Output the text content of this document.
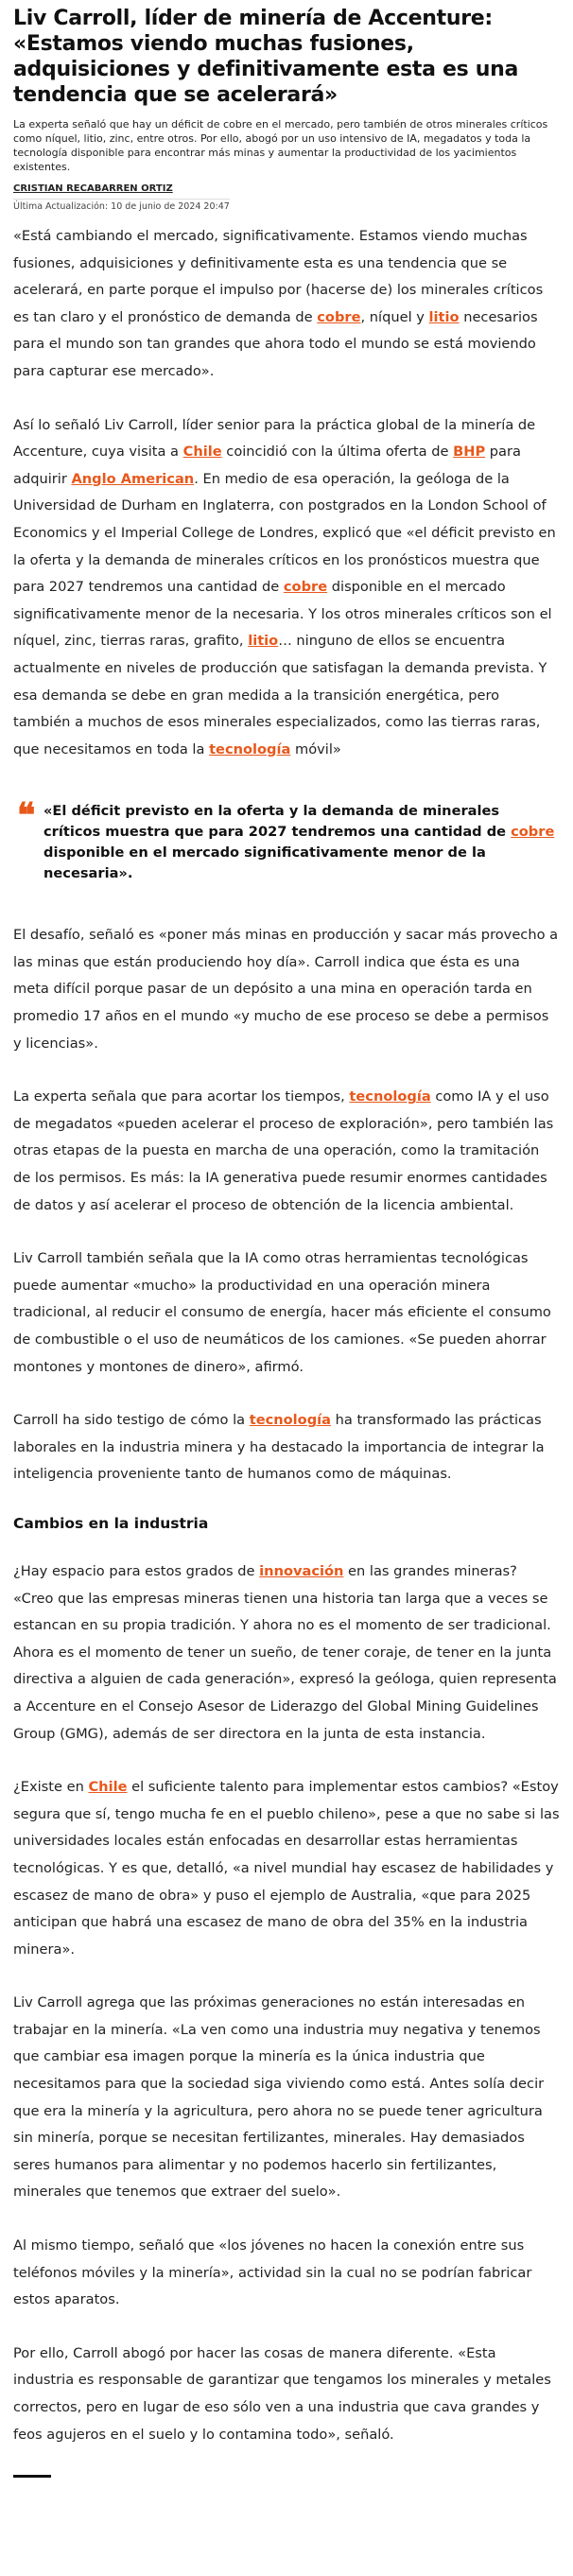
Liv Carroll, líder de minería de Accenture: «Estamos viendo muchas fusiones, adquisiciones y definitivamente esta es una tendencia que se acelerará»

La experta señaló que hay un déficit de cobre en el mercado, pero también de otros minerales críticos como níquel, litio, zinc, entre otros. Por ello, abogó por un uso intensivo de IA, megadatos y toda la tecnología disponible para encontrar más minas y aumentar la productividad de los yacimientos existentes.

CRISTIAN RECABARREN ORTIZ
Última Actualización: 10 de junio de 2024 20:47

«Está cambiando el mercado, significativamente. Estamos viendo muchas fusiones, adquisiciones y definitivamente esta es una tendencia que se acelerará, en parte porque el impulso por (hacerse de) los minerales críticos es tan claro y el pronóstico de demanda de cobre, níquel y litio necesarios para el mundo son tan grandes que ahora todo el mundo se está moviendo para capturar ese mercado».

Así lo señaló Liv Carroll, líder senior para la práctica global de la minería de Accenture, cuya visita a Chile coincidió con la última oferta de BHP para adquirir Anglo American. En medio de esa operación, la geóloga de la Universidad de Durham en Inglaterra, con postgrados en la London School of Economics y el Imperial College de Londres, explicó que «el déficit previsto en la oferta y la demanda de minerales críticos en los pronósticos muestra que para 2027 tendremos una cantidad de cobre disponible en el mercado significativamente menor de la necesaria. Y los otros minerales críticos son el níquel, zinc, tierras raras, grafito, litio… ninguno de ellos se encuentra actualmente en niveles de producción que satisfagan la demanda prevista. Y esa demanda se debe en gran medida a la transición energética, pero también a muchos de esos minerales especializados, como las tierras raras, que necesitamos en toda la tecnología móvil»

❝ «El déficit previsto en la oferta y la demanda de minerales críticos muestra que para 2027 tendremos una cantidad de cobre disponible en el mercado significativamente menor de la necesaria».

El desafío, señaló es «poner más minas en producción y sacar más provecho a las minas que están produciendo hoy día». Carroll indica que ésta es una meta difícil porque pasar de un depósito a una mina en operación tarda en promedio 17 años en el mundo «y mucho de ese proceso se debe a permisos y licencias».

La experta señala que para acortar los tiempos, tecnología como IA y el uso de megadatos «pueden acelerar el proceso de exploración», pero también las otras etapas de la puesta en marcha de una operación, como la tramitación de los permisos. Es más: la IA generativa puede resumir enormes cantidades de datos y así acelerar el proceso de obtención de la licencia ambiental.

Liv Carroll también señala que la IA como otras herramientas tecnológicas puede aumentar «mucho» la productividad en una operación minera tradicional, al reducir el consumo de energía, hacer más eficiente el consumo de combustible o el uso de neumáticos de los camiones. «Se pueden ahorrar montones y montones de dinero», afirmó.

Carroll ha sido testigo de cómo la tecnología ha transformado las prácticas laborales en la industria minera y ha destacado la importancia de integrar la inteligencia proveniente tanto de humanos como de máquinas.

Cambios en la industria

¿Hay espacio para estos grados de innovación en las grandes mineras? «Creo que las empresas mineras tienen una historia tan larga que a veces se estancan en su propia tradición. Y ahora no es el momento de ser tradicional. Ahora es el momento de tener un sueño, de tener coraje, de tener en la junta directiva a alguien de cada generación», expresó la geóloga, quien representa a Accenture en el Consejo Asesor de Liderazgo del Global Mining Guidelines Group (GMG), además de ser directora en la junta de esta instancia.

¿Existe en Chile el suficiente talento para implementar estos cambios? «Estoy segura que sí, tengo mucha fe en el pueblo chileno», pese a que no sabe si las universidades locales están enfocadas en desarrollar estas herramientas tecnológicas. Y es que, detalló, «a nivel mundial hay escasez de habilidades y escasez de mano de obra» y puso el ejemplo de Australia, «que para 2025 anticipan que habrá una escasez de mano de obra del 35% en la industria minera».

Liv Carroll agrega que las próximas generaciones no están interesadas en trabajar en la minería. «La ven como una industria muy negativa y tenemos que cambiar esa imagen porque la minería es la única industria que necesitamos para que la sociedad siga viviendo como está. Antes solía decir que era la minería y la agricultura, pero ahora no se puede tener agricultura sin minería, porque se necesitan fertilizantes, minerales. Hay demasiados seres humanos para alimentar y no podemos hacerlo sin fertilizantes, minerales que tenemos que extraer del suelo».

Al mismo tiempo, señaló que «los jóvenes no hacen la conexión entre sus teléfonos móviles y la minería», actividad sin la cual no se podrían fabricar estos aparatos.

Por ello, Carroll abogó por hacer las cosas de manera diferente. «Esta industria es responsable de garantizar que tengamos los minerales y metales correctos, pero en lugar de eso sólo ven a una industria que cava grandes y feos agujeros en el suelo y lo contamina todo», señaló.
